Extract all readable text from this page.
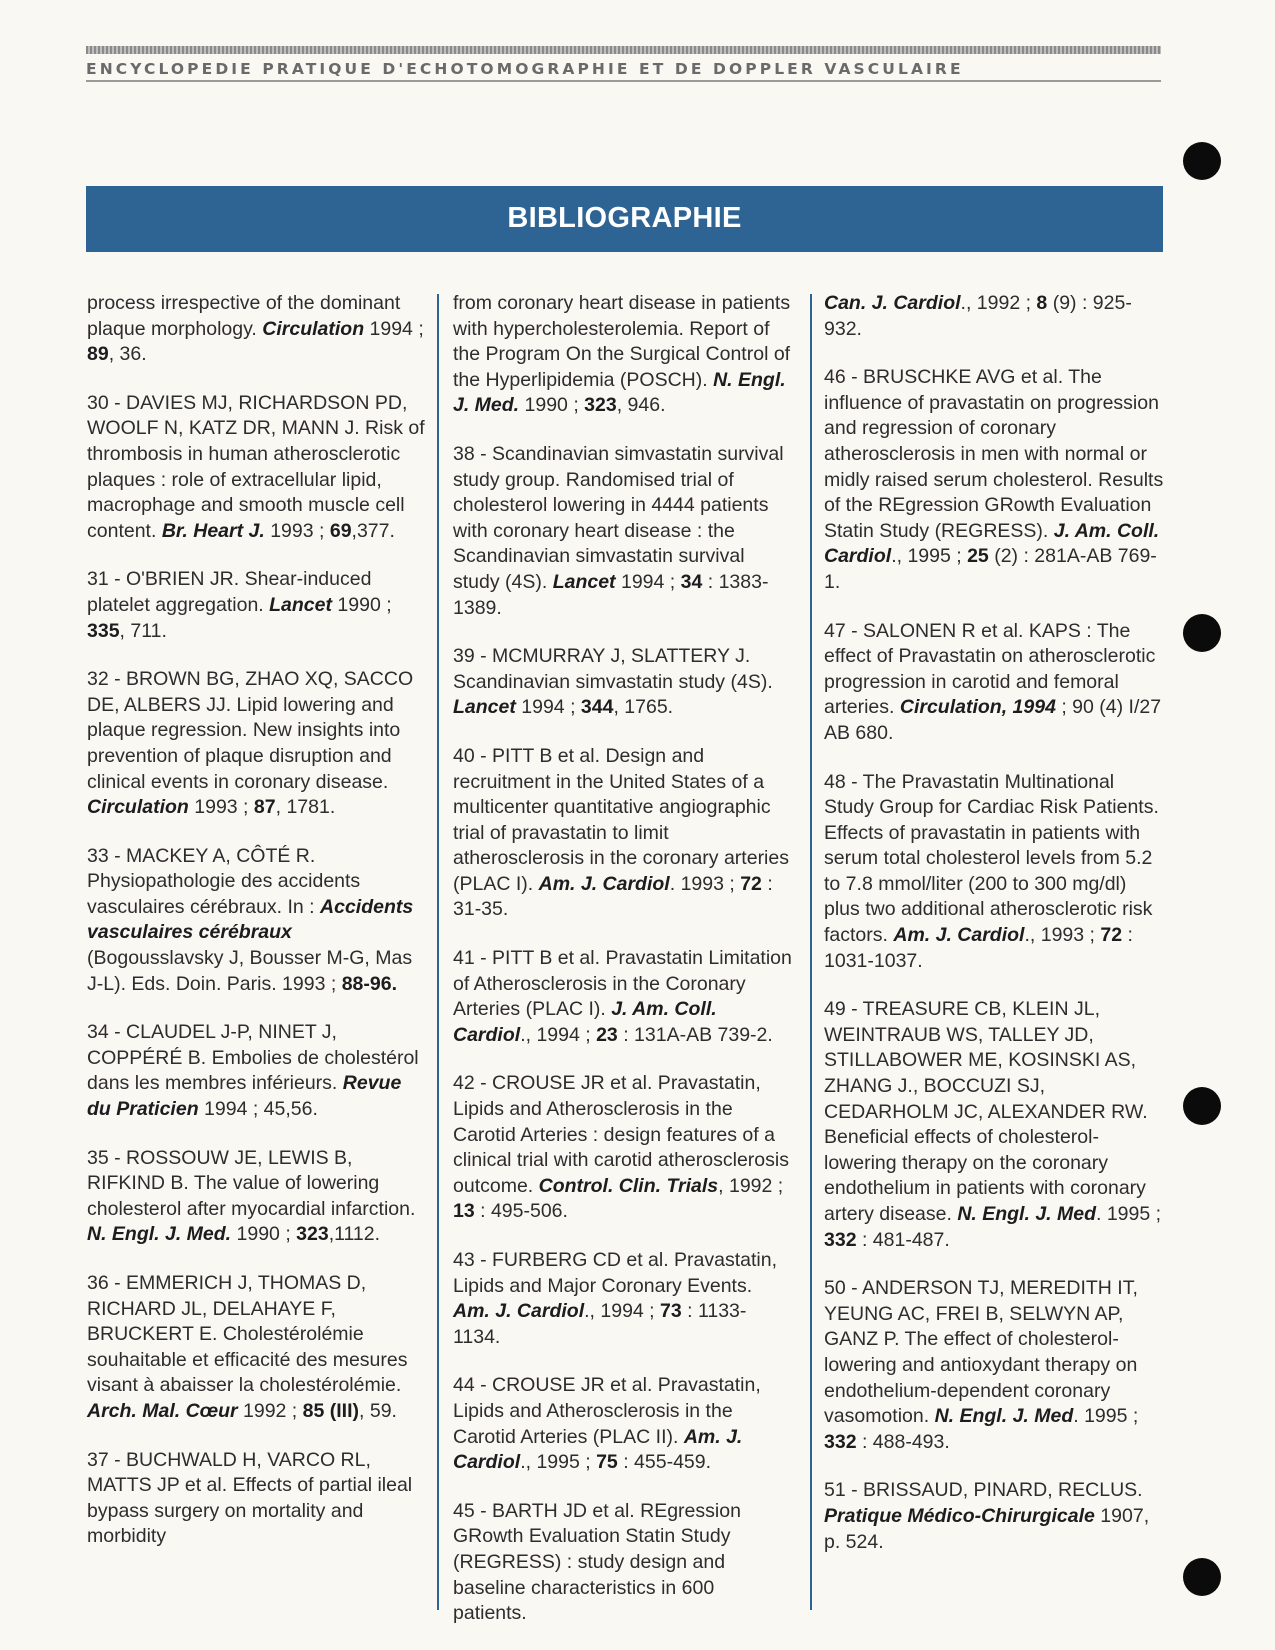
ENCYCLOPEDIE PRATIQUE D'ECHOTOMOGRAPHIE ET DE DOPPLER VASCULAIRE
BIBLIOGRAPHIE

process irrespective of the dominant plaque morphology. Circulation 1994 ; 89, 36.

30 - DAVIES MJ, RICHARDSON PD, WOOLF N, KATZ DR, MANN J. Risk of thrombosis in human atherosclerotic plaques : role of extracellular lipid, macrophage and smooth muscle cell content. Br. Heart J. 1993 ; 69,377.

31 - O'BRIEN JR. Shear-induced platelet aggregation. Lancet 1990 ; 335, 711.

32 - BROWN BG, ZHAO XQ, SACCO DE, ALBERS JJ. Lipid lowering and plaque regression. New insights into prevention of plaque disruption and clinical events in coronary disease. Circulation 1993 ; 87, 1781.

33 - MACKEY A, CÔTÉ R. Physiopathologie des accidents vasculaires cérébraux. In : Accidents vasculaires cérébraux (Bogousslavsky J, Bousser M-G, Mas J-L). Eds. Doin. Paris. 1993 ; 88-96.

34 - CLAUDEL J-P, NINET J, COPPÉRÉ B. Embolies de cholestérol dans les membres inférieurs. Revue du Praticien 1994 ; 45,56.

35 - ROSSOUW JE, LEWIS B, RIFKIND B. The value of lowering cholesterol after myocardial infarction. N. Engl. J. Med. 1990 ; 323,1112.

36 - EMMERICH J, THOMAS D, RICHARD JL, DELAHAYE F, BRUCKERT E. Cholestérolémie souhaitable et efficacité des mesures visant à abaisser la cholestérolémie. Arch. Mal. Cœur 1992 ; 85 (III), 59.

37 - BUCHWALD H, VARCO RL, MATTS JP et al. Effects of partial ileal bypass surgery on mortality and morbidity

from coronary heart disease in patients with hypercholesterolemia. Report of the Program On the Surgical Control of the Hyperlipidemia (POSCH). N. Engl. J. Med. 1990 ; 323, 946.

38 - Scandinavian simvastatin survival study group. Randomised trial of cholesterol lowering in 4444 patients with coronary heart disease : the Scandinavian simvastatin survival study (4S). Lancet 1994 ; 34 : 1383-1389.

39 - MCMURRAY J, SLATTERY J. Scandinavian simvastatin study (4S). Lancet 1994 ; 344, 1765.

40 - PITT B et al. Design and recruitment in the United States of a multicenter quantitative angiographic trial of pravastatin to limit atherosclerosis in the coronary arteries (PLAC I). Am. J. Cardiol. 1993 ; 72 : 31-35.

41 - PITT B et al. Pravastatin Limitation of Atherosclerosis in the Coronary Arteries (PLAC I). J. Am. Coll. Cardiol., 1994 ; 23 : 131A-AB 739-2.

42 - CROUSE JR et al. Pravastatin, Lipids and Atherosclerosis in the Carotid Arteries : design features of a clinical trial with carotid atherosclerosis outcome. Control. Clin. Trials, 1992 ; 13 : 495-506.

43 - FURBERG CD et al. Pravastatin, Lipids and Major Coronary Events. Am. J. Cardiol., 1994 ; 73 : 1133-1134.

44 - CROUSE JR et al. Pravastatin, Lipids and Atherosclerosis in the Carotid Arteries (PLAC II). Am. J. Cardiol., 1995 ; 75 : 455-459.

45 - BARTH JD et al. REgression GRowth Evaluation Statin Study (REGRESS) : study design and baseline characteristics in 600 patients.

Can. J. Cardiol., 1992 ; 8 (9) : 925-932.

46 - BRUSCHKE AVG et al. The influence of pravastatin on progression and regression of coronary atherosclerosis in men with normal or midly raised serum cholesterol. Results of the REgression GRowth Evaluation Statin Study (REGRESS). J. Am. Coll. Cardiol., 1995 ; 25 (2) : 281A-AB 769-1.

47 - SALONEN R et al. KAPS : The effect of Pravastatin on atherosclerotic progression in carotid and femoral arteries. Circulation, 1994 ; 90 (4) I/27 AB 680.

48 - The Pravastatin Multinational Study Group for Cardiac Risk Patients. Effects of pravastatin in patients with serum total cholesterol levels from 5.2 to 7.8 mmol/liter (200 to 300 mg/dl) plus two additional atherosclerotic risk factors. Am. J. Cardiol., 1993 ; 72 : 1031-1037.

49 - TREASURE CB, KLEIN JL, WEINTRAUB WS, TALLEY JD, STILLABOWER ME, KOSINSKI AS, ZHANG J., BOCCUZI SJ, CEDARHOLM JC, ALEXANDER RW. Beneficial effects of cholesterol-lowering therapy on the coronary endothelium in patients with coronary artery disease. N. Engl. J. Med. 1995 ; 332 : 481-487.

50 - ANDERSON TJ, MEREDITH IT, YEUNG AC, FREI B, SELWYN AP, GANZ P. The effect of cholesterol-lowering and antioxydant therapy on endothelium-dependent coronary vasomotion. N. Engl. J. Med. 1995 ; 332 : 488-493.

51 - BRISSAUD, PINARD, RECLUS. Pratique Médico-Chirurgicale 1907, p. 524.
